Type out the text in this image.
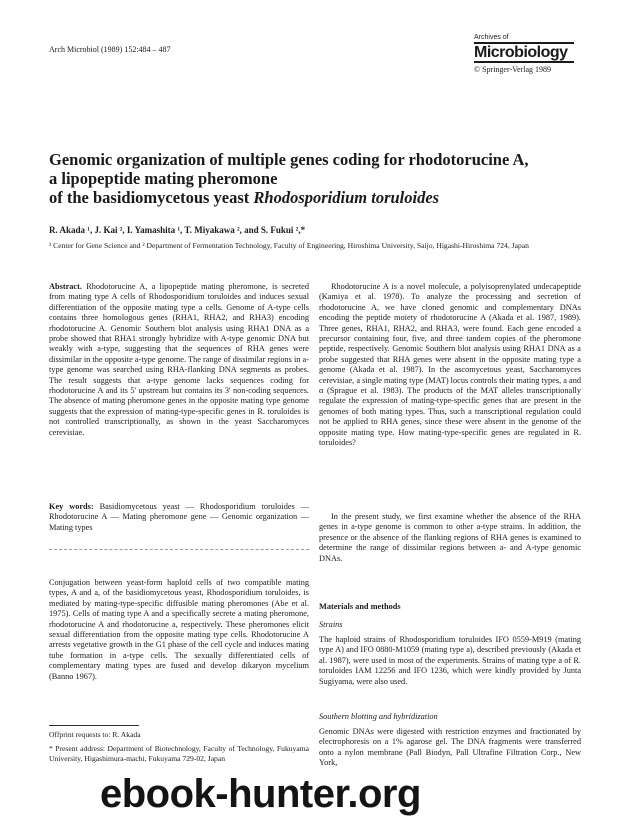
Arch Microbiol (1989) 152:484 – 487
Archives of
Microbiology
© Springer-Verlag 1989
Genomic organization of multiple genes coding for rhodotorucine A,
a lipopeptide mating pheromone
of the basidiomycetous yeast Rhodosporidium toruloides
R. Akada ¹, J. Kai ², I. Yamashita ¹, T. Miyakawa ², and S. Fukui ²,*
¹ Center for Gene Science and ² Department of Fermentation Technology, Faculty of Engineering, Hiroshima University, Saijo, Higashi-Hiroshima 724, Japan

Abstract. Rhodotorucine A, a lipopeptide mating pheromone, is secreted from mating type A cells of Rhodosporidium toruloides and induces sexual differentiation of the opposite mating type a cells. Genome of A-type cells contains three homologous genes (RHA1, RHA2, and RHA3) encoding rhodotorucine A. Genomic Southern blot analysis using RHA1 DNA as a probe showed that RHA1 strongly hybridize with A-type genomic DNA but weakly with a-type, suggesting that the sequences of RHA genes were dissimilar in the opposite a-type genome. The range of dissimilar regions in a-type genome was searched using RHA-flanking DNA segments as probes. The result suggests that a-type genome lacks sequences coding for rhodotorucine A and its 5' upstream but contains its 3' non-coding sequences. The absence of mating pheromone genes in the opposite mating type genome suggests that the expression of mating-type-specific genes in R. toruloides is not controlled transcriptionally, as shown in the yeast Saccharomyces cerevisiae.

Key words: Basidiomycetous yeast — Rhodosporidium toruloides — Rhodotorucine A — Mating pheromone gene — Genomic organization — Mating types

Conjugation between yeast-form haploid cells of two compatible mating types, A and a, of the basidiomycetous yeast, Rhodosporidium toruloides, is mediated by mating-type-specific diffusible mating pheromones (Abe et al. 1975). Cells of mating type A and a specifically secrete a mating pheromone, rhodotorucine A and rhodotorucine a, respectively. These pheromones elicit sexual differentiation from the opposite mating type cells. Rhodotorucine A arrests vegetative growth in the G1 phase of the cell cycle and induces mating tube formation in a-type cells. The sexually differentiated cells of complementary mating types are fused and develop dikaryon mycelium (Banno 1967).
Offprint requests to: R. Akada
* Present address: Department of Biotechnology, Faculty of Technology, Fukuyama University, Higashimura-machi, Fukuyama 729-02, Japan
Rhodotorucine A is a novel molecule, a polyisoprenylated undecapeptide (Kamiya et al. 1978). To analyze the processing and secretion of rhodotorucine A, we have cloned genomic and complementary DNAs encoding the peptide moiety of rhodotorucine A (Akada et al. 1987, 1989). Three genes, RHA1, RHA2, and RHA3, were found. Each gene encoded a precursor containing four, five, and three tandem copies of the pheromone peptide, respectively. Genomic Southern blot analysis using RHA1 DNA as a probe suggested that RHA genes were absent in the opposite mating type a genome (Akada et al. 1987). In the ascomycetous yeast, Saccharomyces cerevisiae, a single mating type (MAT) locus controls their mating types, a and α (Sprague et al. 1983). The products of the MAT alleles transcriptionally regulate the expression of mating-type-specific genes that are present in the genomes of both mating types. Thus, such a transcriptional regulation could not be applied to RHA genes, since these were absent in the genome of the opposite mating type. How mating-type-specific genes are regulated in R. toruloides?
In the present study, we first examine whether the absence of the RHA genes in a-type genome is common to other a-type strains. In addition, the presence or the absence of the flanking regions of RHA genes is examined to determine the range of dissimilar regions between a- and A-type genomic DNAs.
Materials and methods
Strains
The haploid strains of Rhodosporidium toruloides IFO 0559-M919 (mating type A) and IFO 0880-M1059 (mating type a), described previously (Akada et al. 1987), were used in most of the experiments. Strains of mating type a of R. toruloides IAM 12256 and IFO 1236, which were kindly provided by Junta Sugiyama, were also used.
Southern blotting and hybridization
Genomic DNAs were digested with restriction enzymes and fractionated by electrophoresis on a 1% agarose gel. The DNA fragments were transferred onto a nylon membrane (Pall Biodyn, Pall Ultrafine Filtration Corp., New York,
ebook-hunter.org
